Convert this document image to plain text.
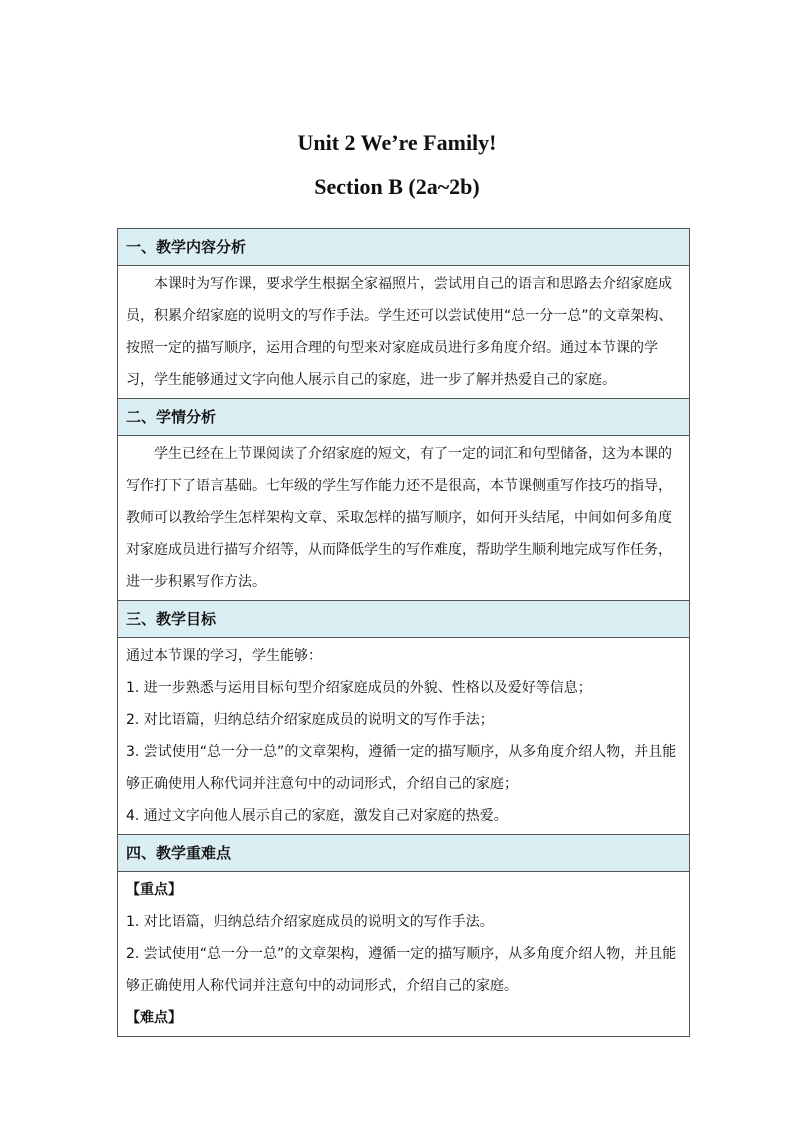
Unit 2 We’re Family!

Section B (2a~2b)

一、教学内容分析

本课时为写作课，要求学生根据全家福照片，尝试用自己的语言和思路去介绍家庭成员，积累介绍家庭的说明文的写作手法。学生还可以尝试使用“总一分一总”的文章架构、按照一定的描写顺序，运用合理的句型来对家庭成员进行多角度介绍。通过本节课的学习，学生能够通过文字向他人展示自己的家庭，进一步了解并热爱自己的家庭。

二、学情分析

学生已经在上节课阅读了介绍家庭的短文，有了一定的词汇和句型储备，这为本课的写作打下了语言基础。七年级的学生写作能力还不是很高，本节课侧重写作技巧的指导，教师可以教给学生怎样架构文章、采取怎样的描写顺序，如何开头结尾，中间如何多角度对家庭成员进行描写介绍等，从而降低学生的写作难度，帮助学生顺利地完成写作任务，进一步积累写作方法。

三、教学目标

通过本节课的学习，学生能够：

1. 进一步熟悉与运用目标句型介绍家庭成员的外貌、性格以及爱好等信息；

2. 对比语篇，归纳总结介绍家庭成员的说明文的写作手法；

3. 尝试使用“总一分一总”的文章架构，遵循一定的描写顺序，从多角度介绍人物，并且能够正确使用人称代词并注意句中的动词形式，介绍自己的家庭；

4. 通过文字向他人展示自己的家庭，激发自己对家庭的热爱。

四、教学重难点

【重点】

1. 对比语篇，归纳总结介绍家庭成员的说明文的写作手法。

2. 尝试使用“总一分一总”的文章架构，遵循一定的描写顺序，从多角度介绍人物，并且能够正确使用人称代词并注意句中的动词形式，介绍自己的家庭。

【难点】
